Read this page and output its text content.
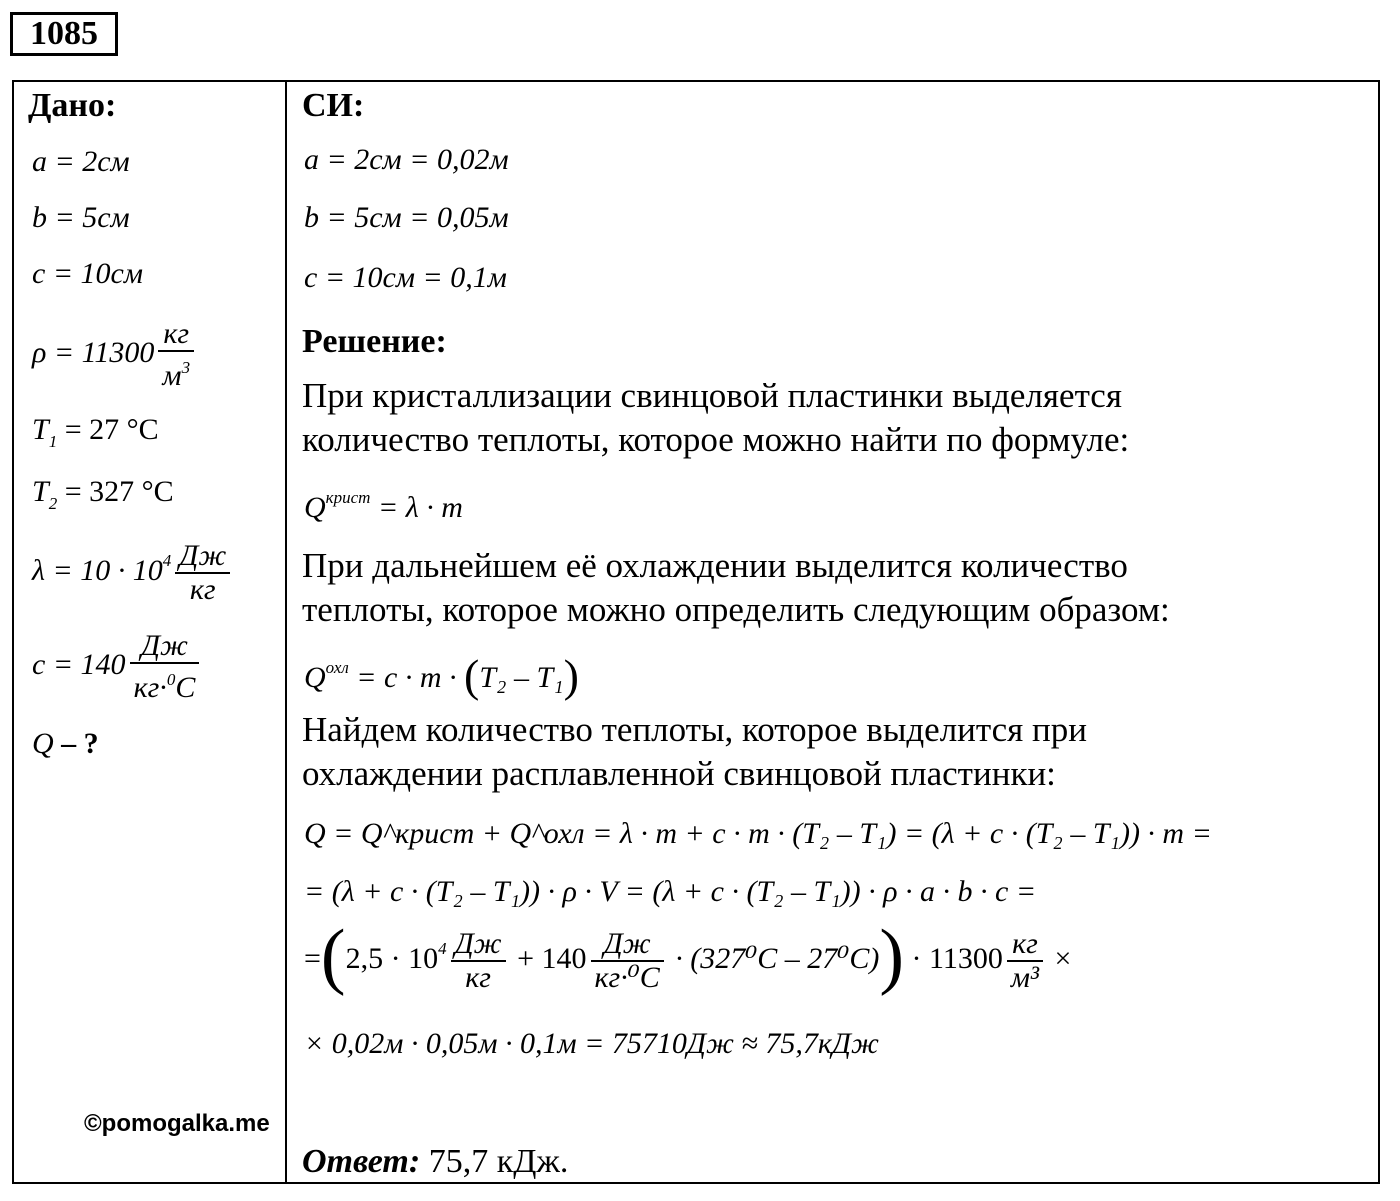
1085
Дано:
a = 2см
b = 5см
c = 10см
$\rho = 11300 \frac{кг}{м^3}$
$T_1 = 27$ °C
$T_2 = 327$ °C
$\lambda = 10 \cdot 10^4 \frac{Дж}{кг}$
$c = 140 \frac{Дж}{кг\cdot^0C}$
Q – ?
СИ:
a = 2см = 0,02м
b = 5см = 0,05м
c = 10см = 0,1м
Решение:
При кристаллизации свинцовой пластинки выделяется
количество теплоты, которое можно найти по формуле:
$Q^{крист} = \lambda \cdot m$
При дальнейшем её охлаждении выделится количество
теплоты, которое можно определить следующим образом:
$Q^{охл} = c \cdot m \cdot (T_2 - T_1)$
Найдем количество теплоты, которое выделится при
охлаждении расплавленной свинцовой пластинки:
Q = Q^крист + Q^охл = λ · m + c · m · (T₂ – T₁) = (λ + c · (T₂ – T₁)) · m =
= (λ + c · (T₂ – T₁)) · ρ · V = (λ + c · (T₂ – T₁)) · ρ · a · b · c =
$=(2,5 \cdot 10^4 \frac{Дж}{кг} + 140 \frac{Дж}{\text{кг·⁰C}} \cdot (327^0C - 27^0C)) \cdot 11300 \frac{кг}{\text{м³}}$ ×
× 0,02м · 0,05м · 0,1м = 75710Дж ≈ 75,7кДж
©pomogalka.me
Ответ: 75,7 кДж.
